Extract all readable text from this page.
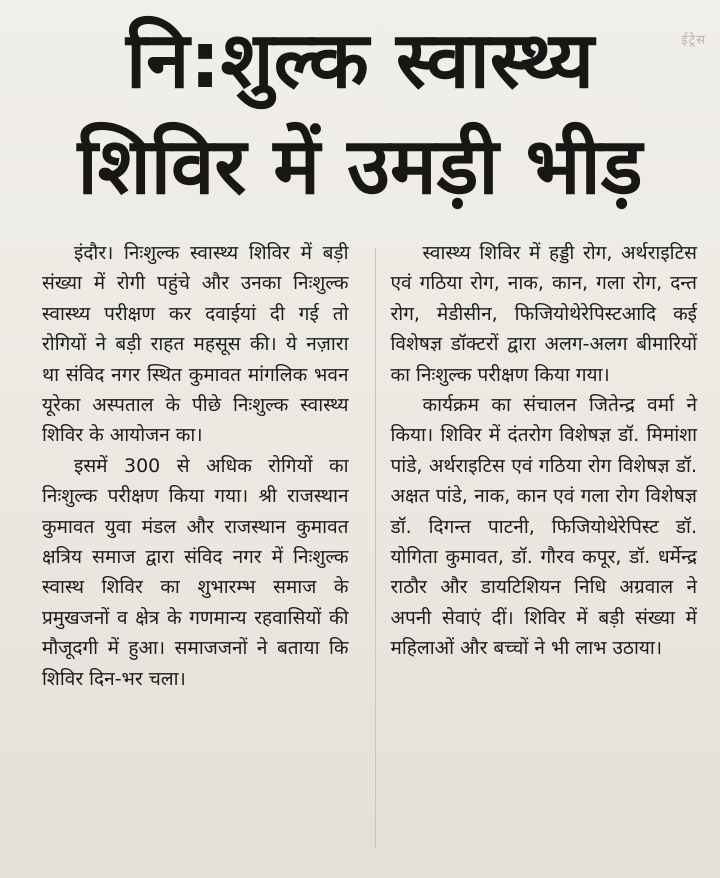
ईट्रेस
नि:शुल्क स्वास्थ्य
शिविर में उमड़ी भीड़

इंदौर। निःशुल्क स्वास्थ्य शिविर में बड़ी संख्या में रोगी पहुंचे और उनका निःशुल्क स्वास्थ्य परीक्षण कर दवाईयां दी गई तो रोगियों ने बड़ी राहत महसूस की। ये नज़ारा था संविद नगर स्थित कुमावत मांगलिक भवन यूरेका अस्पताल के पीछे निःशुल्क स्वास्थ्य शिविर के आयोजन का।

इसमें 300 से अधिक रोगियों का निःशुल्क परीक्षण किया गया। श्री राजस्थान कुमावत युवा मंडल और राजस्थान कुमावत क्षत्रिय समाज द्वारा संविद नगर में निःशुल्क स्वास्थ शिविर का शुभारम्भ समाज के प्रमुखजनों व क्षेत्र के गणमान्य रहवासियों की मौजूदगी में हुआ। समाजजनों ने बताया कि शिविर दिन-भर चला।

स्वास्थ्य शिविर में हड्डी रोग, अर्थराइटिस एवं गठिया रोग, नाक, कान, गला रोग, दन्त रोग, मेडीसीन, फिजियोथेरेपिस्टआदि कई विशेषज्ञ डॉक्टरों द्वारा अलग-अलग बीमारियों का निःशुल्क परीक्षण किया गया।

कार्यक्रम का संचालन जितेन्द्र वर्मा ने किया। शिविर में दंतरोग विशेषज्ञ डॉ. मिमांशा पांडे, अर्थराइटिस एवं गठिया रोग विशेषज्ञ डॉ. अक्षत पांडे, नाक, कान एवं गला रोग विशेषज्ञ डॉ. दिगन्त पाटनी, फिजियोथेरेपिस्ट डॉ. योगिता कुमावत, डॉ. गौरव कपूर, डॉ. धर्मेन्द्र राठौर और डायटिशियन निधि अग्रवाल ने अपनी सेवाएं दीं। शिविर में बड़ी संख्या में महिलाओं और बच्चों ने भी लाभ उठाया।
